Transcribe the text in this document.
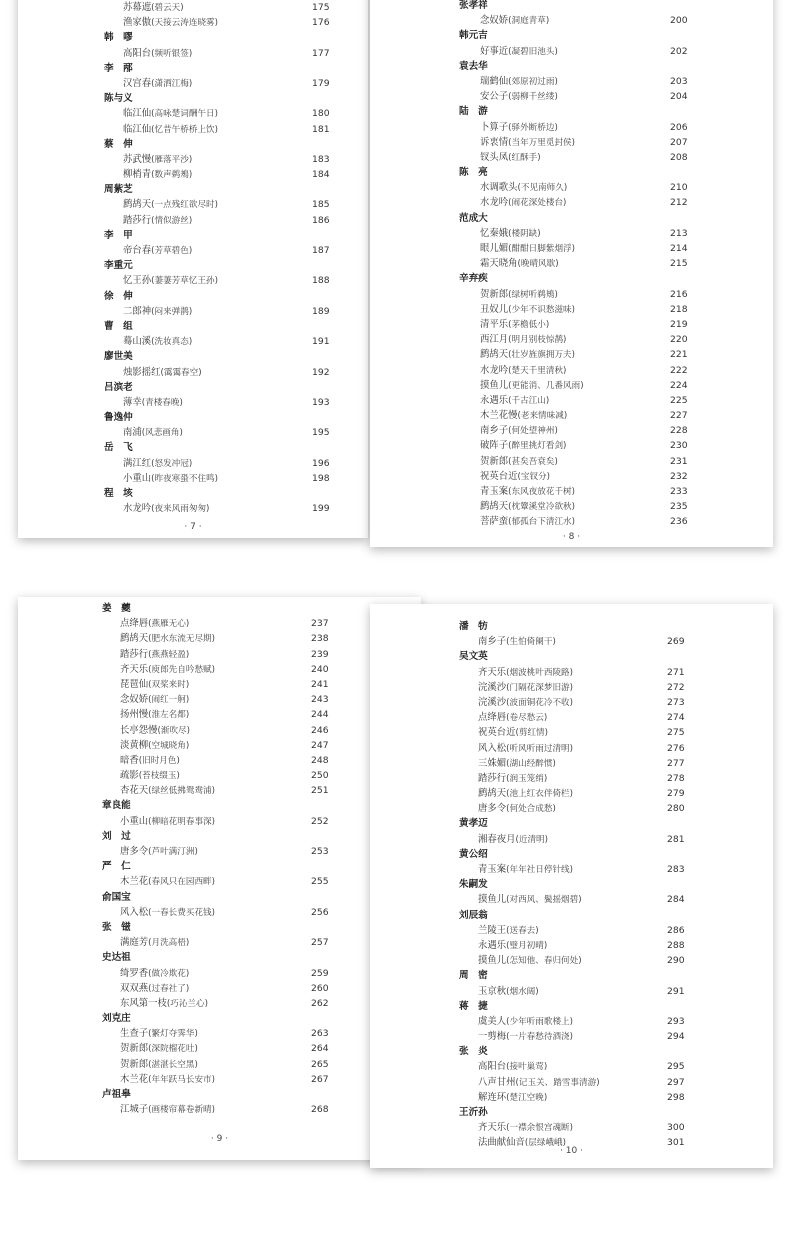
苏幕遮(碧云天)	175
渔家傲(天接云涛连晓雾)	176
韩　嘐
高阳台(频听银签)	177
李　邴
汉宫春(潇洒江梅)	179
陈与义
临江仙(高咏楚词酬午日)	180
临江仙(忆昔午桥桥上饮)	181
蔡　伸
苏武慢(雁落平沙)	183
柳梢青(数声鹈鴂)	184
周紫芝
鹧鸪天(一点残红欲尽时)	185
踏莎行(情似游丝)	186
李　甲
帝台春(芳草碧色)	187
李重元
忆王孙(萋萋芳草忆王孙)	188
徐　伸
二郎神(闷来弹鹊)	189
曹　组
蓦山溪(洗妆真态)	191
廖世美
烛影摇红(霭霭春空)	192
吕滨老
薄幸(青楼春晚)	193
鲁逸仲
南浦(风悲画角)	195
岳　飞
满江红(怒发冲冠)	196
小重山(昨夜寒蛩不住鸣)	198
程　垓
水龙吟(夜来风雨匆匆)	199
· 7 ·
张孝祥
念奴娇(洞庭青草)	200
韩元吉
好事近(凝碧旧池头)	202
袁去华
瑞鹤仙(郊原初过雨)	203
安公子(弱柳千丝缕)	204
陆　游
卜算子(驿外断桥边)	206
诉衷情(当年万里觅封侯)	207
钗头凤(红酥手)	208
陈　亮
水调歌头(不见南师久)	210
水龙吟(闹花深处楼台)	212
范成大
忆秦娥(楼阴缺)	213
眼儿媚(酣酣日脚紫烟浮)	214
霜天晓角(晚晴风歇)	215
辛弃疾
贺新郎(绿树听鹈鴂)	216
丑奴儿(少年不识愁滋味)	218
清平乐(茅檐低小)	219
西江月(明月别枝惊鹊)	220
鹧鸪天(壮岁旌旗拥万夫)	221
水龙吟(楚天千里清秋)	222
摸鱼儿(更能消、几番风雨)	224
永遇乐(千古江山)	225
木兰花慢(老来情味减)	227
南乡子(何处望神州)	228
破阵子(醉里挑灯看剑)	230
贺新郎(甚矣吾衰矣)	231
祝英台近(宝钗分)	232
青玉案(东风夜放花千树)	233
鹧鸪天(枕簟溪堂冷欲秋)	235
菩萨蛮(郁孤台下清江水)	236
· 8 ·
姜　夔
点绛唇(燕雁无心)	237
鹧鸪天(肥水东流无尽期)	238
踏莎行(燕燕轻盈)	239
齐天乐(庾郎先自吟愁赋)	240
琵琶仙(双桨来时)	241
念奴娇(闹红一舸)	243
扬州慢(淮左名都)	244
长亭怨慢(渐吹尽)	246
淡黄柳(空城晓角)	247
暗香(旧时月色)	248
疏影(苔枝缀玉)	250
杏花天(绿丝低拂鸳鸯浦)	251
章良能
小重山(柳暗花明春事深)	252
刘　过
唐多令(芦叶满汀洲)	253
严　仁
木兰花(春风只在园西畔)	255
俞国宝
风入松(一春长费买花钱)	256
张　镃
满庭芳(月洗高梧)	257
史达祖
绮罗香(做冷欺花)	259
双双燕(过春社了)	260
东风第一枝(巧沁兰心)	262
刘克庄
生查子(繁灯夺霁华)	263
贺新郎(深院榴花吐)	264
贺新郎(湛湛长空黑)	265
木兰花(年年跃马长安市)	267
卢祖皋
江城子(画楼帘幕卷新晴)	268
· 9 ·
潘　牥
南乡子(生怕倚阑干)	269
吴文英
齐天乐(烟波桃叶西陵路)	271
浣溪沙(门隔花深梦旧游)	272
浣溪沙(波面铜花冷不收)	273
点绛唇(卷尽愁云)	274
祝英台近(剪红情)	275
风入松(听风听雨过清明)	276
三姝媚(湖山经醉惯)	277
踏莎行(润玉笼绡)	278
鹧鸪天(池上红衣伴倚栏)	279
唐多令(何处合成愁)	280
黄孝迈
湘春夜月(近清明)	281
黄公绍
青玉案(年年社日停针线)	283
朱嗣发
摸鱼儿(对西风、鬓摇烟碧)	284
刘辰翁
兰陵王(送春去)	286
永遇乐(璧月初晴)	288
摸鱼儿(怎知他、春归何处)	290
周　密
玉京秋(烟水阔)	291
蒋　捷
虞美人(少年听雨歌楼上)	293
一剪梅(一片春愁待酒浇)	294
张　炎
高阳台(接叶巢莺)	295
八声甘州(记玉关、踏雪事清游)	297
解连环(楚江空晚)	298
王沂孙
齐天乐(一襟余恨宫魂断)	300
法曲献仙音(层绿峨峨)	301
· 10 ·
